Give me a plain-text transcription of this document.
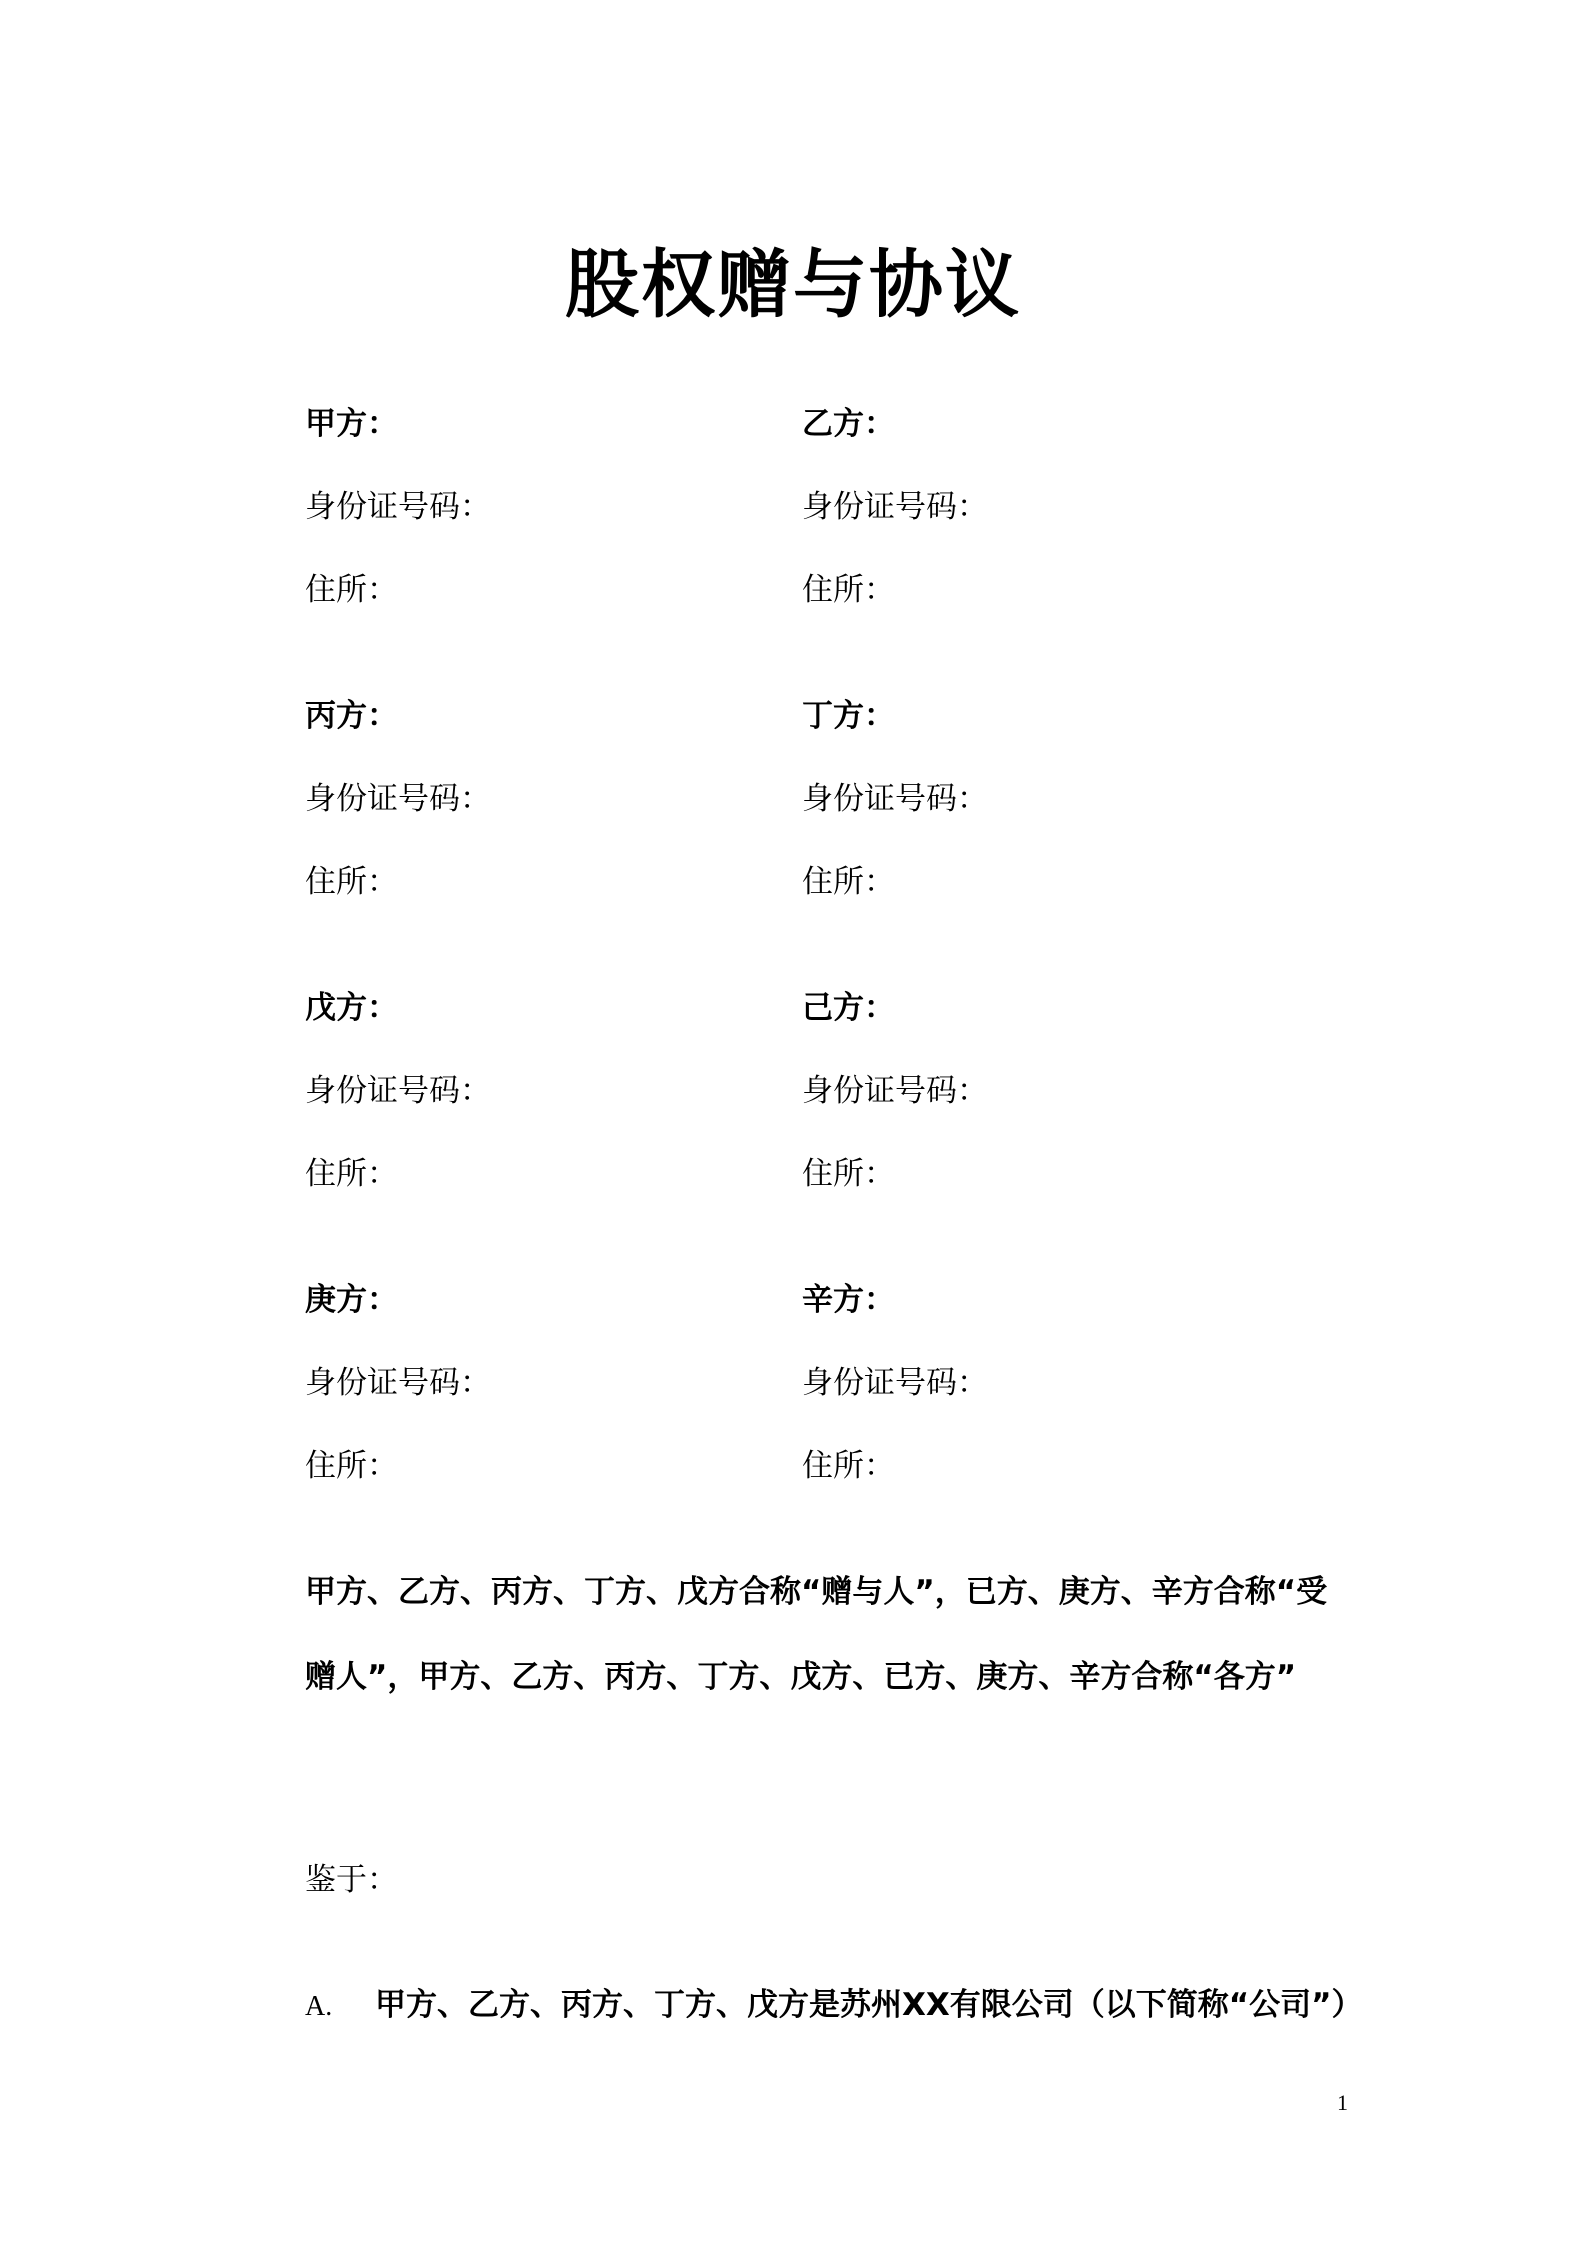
股权赠与协议
甲方：	乙方：
身份证号码：	身份证号码：
住所：	住所：
丙方：	丁方：
身份证号码：	身份证号码：
住所：	住所：
戊方：	己方：
身份证号码：	身份证号码：
住所：	住所：
庚方：	辛方：
身份证号码：	身份证号码：
住所：	住所：
甲方、乙方、丙方、丁方、戊方合称“赠与人”，已方、庚方、辛方合称“受
赠人”，甲方、乙方、丙方、丁方、戊方、已方、庚方、辛方合称“各方”
鉴于：
A. 甲方、乙方、丙方、丁方、戊方是苏州XX有限公司（以下简称“公司”）
1
